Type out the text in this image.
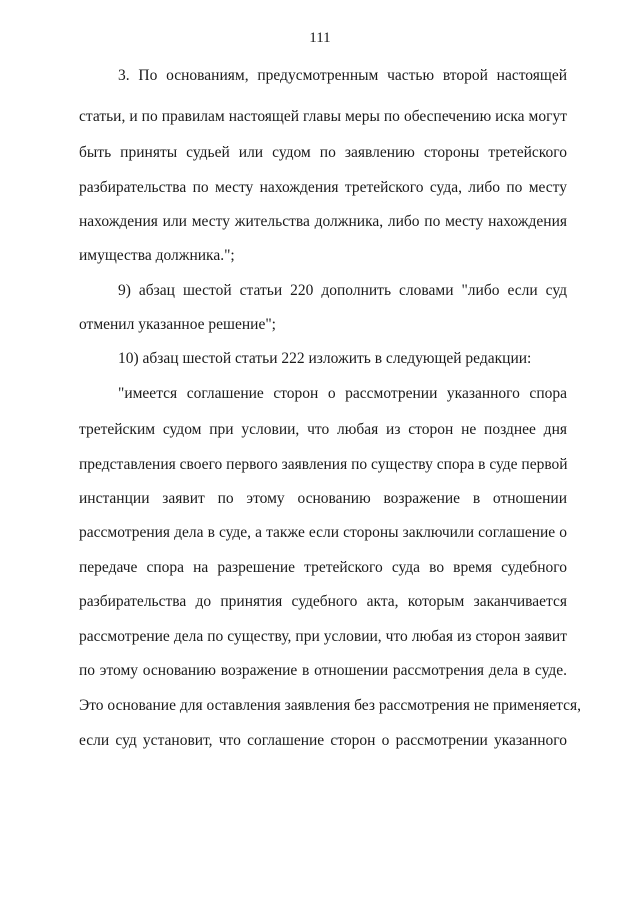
111
3. По основаниям, предусмотренным частью второй настоящей
статьи, и по правилам настоящей главы меры по обеспечению иска могут
быть приняты судьей или судом по заявлению стороны третейского
разбирательства по месту нахождения третейского суда, либо по месту
нахождения или месту жительства должника, либо по месту нахождения
имущества должника.";
9) абзац шестой статьи 220 дополнить словами "либо если суд
отменил указанное решение";
10) абзац шестой статьи 222 изложить в следующей редакции:
"имеется соглашение сторон о рассмотрении указанного спора
третейским судом при условии, что любая из сторон не позднее дня
представления своего первого заявления по существу спора в суде первой
инстанции заявит по этому основанию возражение в отношении
рассмотрения дела в суде, а также если стороны заключили соглашение о
передаче спора на разрешение третейского суда во время судебного
разбирательства до принятия судебного акта, которым заканчивается
рассмотрение дела по существу, при условии, что любая из сторон заявит
по этому основанию возражение в отношении рассмотрения дела в суде.
Это основание для оставления заявления без рассмотрения не применяется,
если суд установит, что соглашение сторон о рассмотрении указанного
